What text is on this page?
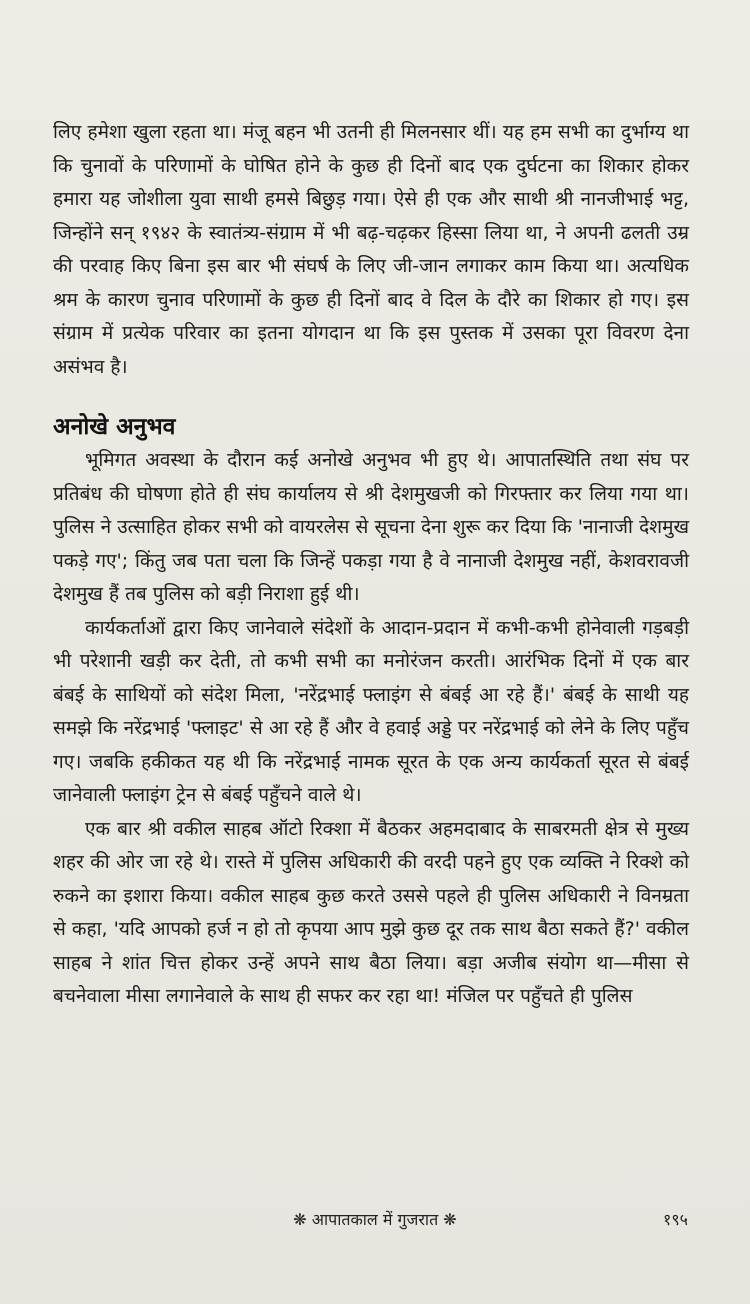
लिए हमेशा खुला रहता था। मंजू बहन भी उतनी ही मिलनसार थीं। यह हम सभी का दुर्भाग्य था कि चुनावों के परिणामों के घोषित होने के कुछ ही दिनों बाद एक दुर्घटना का शिकार होकर हमारा यह जोशीला युवा साथी हमसे बिछुड़ गया। ऐसे ही एक और साथी श्री नानजीभाई भट्ट, जिन्होंने सन् १९४२ के स्वातंत्र्य-संग्राम में भी बढ़-चढ़कर हिस्सा लिया था, ने अपनी ढलती उम्र की परवाह किए बिना इस बार भी संघर्ष के लिए जी-जान लगाकर काम किया था। अत्यधिक श्रम के कारण चुनाव परिणामों के कुछ ही दिनों बाद वे दिल के दौरे का शिकार हो गए। इस संग्राम में प्रत्येक परिवार का इतना योगदान था कि इस पुस्तक में उसका पूरा विवरण देना असंभव है।

अनोखे अनुभव

भूमिगत अवस्था के दौरान कई अनोखे अनुभव भी हुए थे। आपातस्थिति तथा संघ पर प्रतिबंध की घोषणा होते ही संघ कार्यालय से श्री देशमुखजी को गिरफ्तार कर लिया गया था। पुलिस ने उत्साहित होकर सभी को वायरलेस से सूचना देना शुरू कर दिया कि 'नानाजी देशमुख पकड़े गए'; किंतु जब पता चला कि जिन्हें पकड़ा गया है वे नानाजी देशमुख नहीं, केशवरावजी देशमुख हैं तब पुलिस को बड़ी निराशा हुई थी।

कार्यकर्ताओं द्वारा किए जानेवाले संदेशों के आदान-प्रदान में कभी-कभी होनेवाली गड़बड़ी भी परेशानी खड़ी कर देती, तो कभी सभी का मनोरंजन करती। आरंभिक दिनों में एक बार बंबई के साथियों को संदेश मिला, 'नरेंद्रभाई फ्लाइंग से बंबई आ रहे हैं।' बंबई के साथी यह समझे कि नरेंद्रभाई 'फ्लाइट' से आ रहे हैं और वे हवाई अड्डे पर नरेंद्रभाई को लेने के लिए पहुँच गए। जबकि हकीकत यह थी कि नरेंद्रभाई नामक सूरत के एक अन्य कार्यकर्ता सूरत से बंबई जानेवाली फ्लाइंग ट्रेन से बंबई पहुँचने वाले थे।

एक बार श्री वकील साहब ऑटो रिक्शा में बैठकर अहमदाबाद के साबरमती क्षेत्र से मुख्य शहर की ओर जा रहे थे। रास्ते में पुलिस अधिकारी की वरदी पहने हुए एक व्यक्ति ने रिक्शे को रुकने का इशारा किया। वकील साहब कुछ करते उससे पहले ही पुलिस अधिकारी ने विनम्रता से कहा, 'यदि आपको हर्ज न हो तो कृपया आप मुझे कुछ दूर तक साथ बैठा सकते हैं?' वकील साहब ने शांत चित्त होकर उन्हें अपने साथ बैठा लिया। बड़ा अजीब संयोग था—मीसा से बचनेवाला मीसा लगानेवाले के साथ ही सफर कर रहा था! मंजिल पर पहुँचते ही पुलिस

❋ आपातकाल में गुजरात ❋	१९५
